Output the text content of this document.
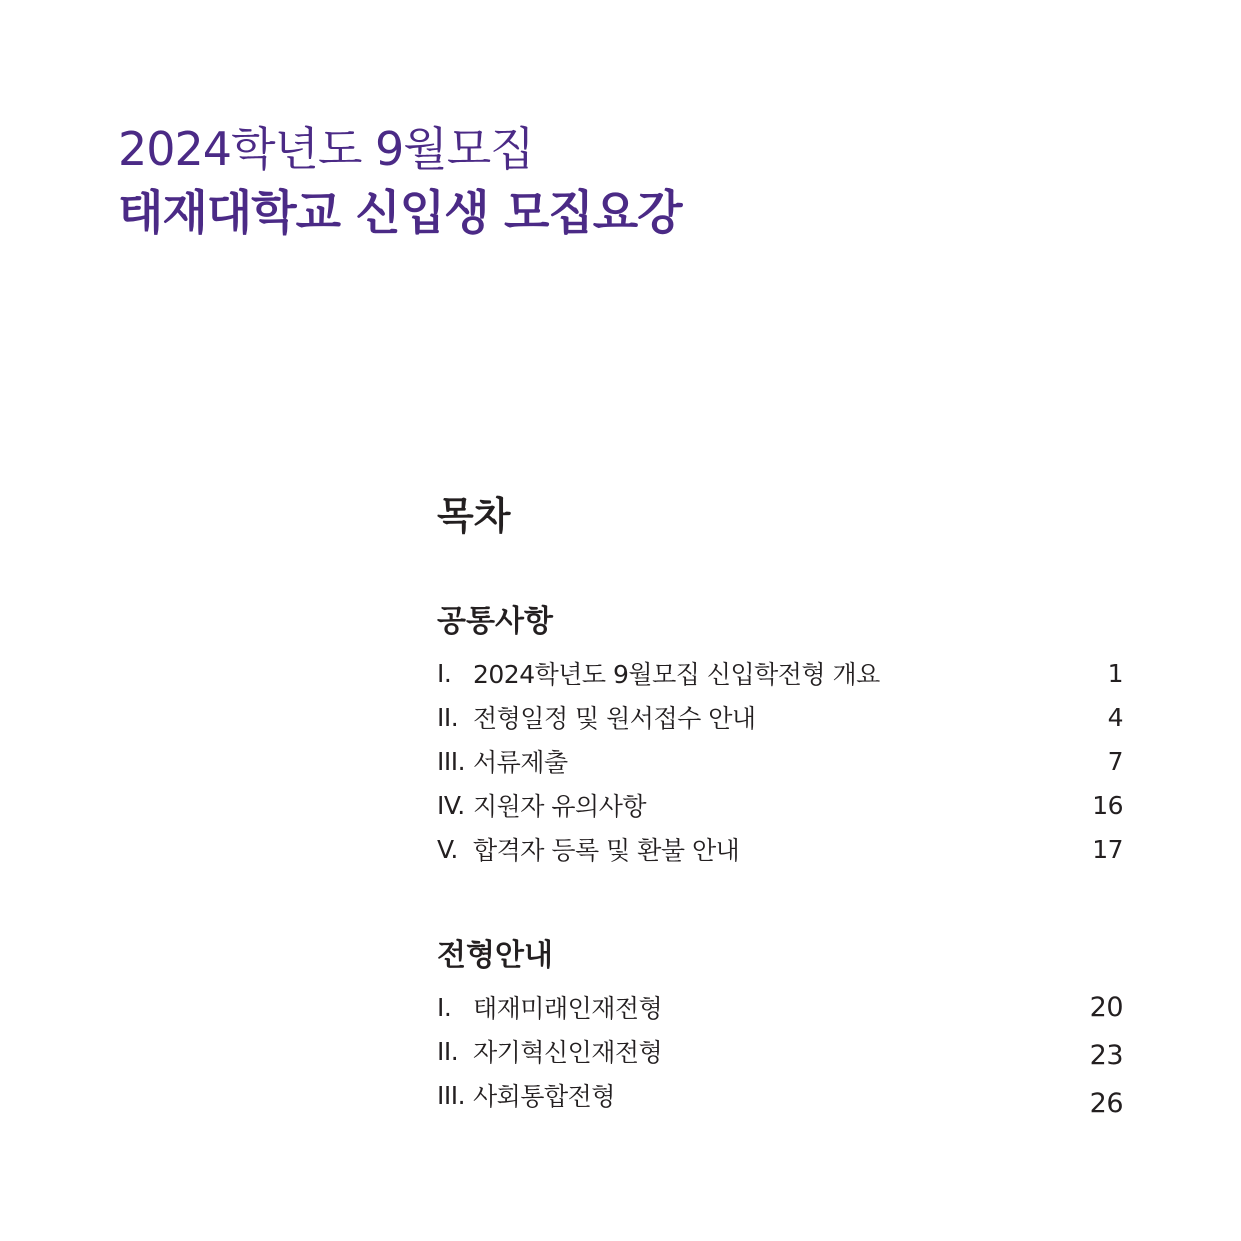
2024학년도 9월모집
태재대학교 신입생 모집요강
목차
공통사항
I. 2024학년도 9월모집 신입학전형 개요	1
II. 전형일정 및 원서접수 안내	4
III. 서류제출	7
IV. 지원자 유의사항	16
V. 합격자 등록 및 환불 안내	17
전형안내
I. 태재미래인재전형	20
II. 자기혁신인재전형	23
III. 사회통합전형	26
